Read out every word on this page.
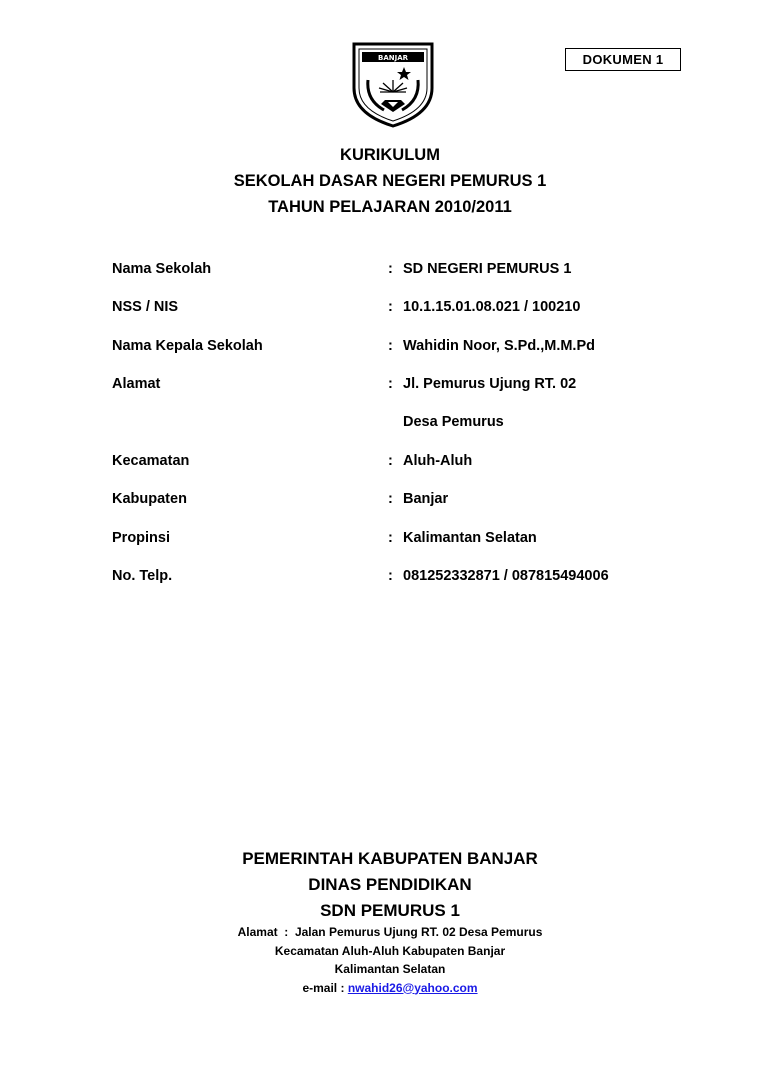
DOKUMEN 1
BANJAR
KURIKULUM
SEKOLAH DASAR NEGERI PEMURUS 1
TAHUN PELAJARAN 2010/2011
Nama Sekolah	: SD NEGERI PEMURUS 1
NSS / NIS	: 10.1.15.01.08.021 / 100210
Nama Kepala Sekolah	: Wahidin Noor, S.Pd.,M.M.Pd
Alamat	: Jl. Pemurus Ujung RT. 02
Desa Pemurus
Kecamatan	: Aluh-Aluh
Kabupaten	: Banjar
Propinsi	: Kalimantan Selatan
No. Telp.	: 081252332871 / 087815494006
PEMERINTAH KABUPATEN BANJAR
DINAS PENDIDIKAN
SDN PEMURUS 1
Alamat  :  Jalan Pemurus Ujung RT. 02 Desa Pemurus
Kecamatan Aluh-Aluh Kabupaten Banjar
Kalimantan Selatan
e-mail : nwahid26@yahoo.com
